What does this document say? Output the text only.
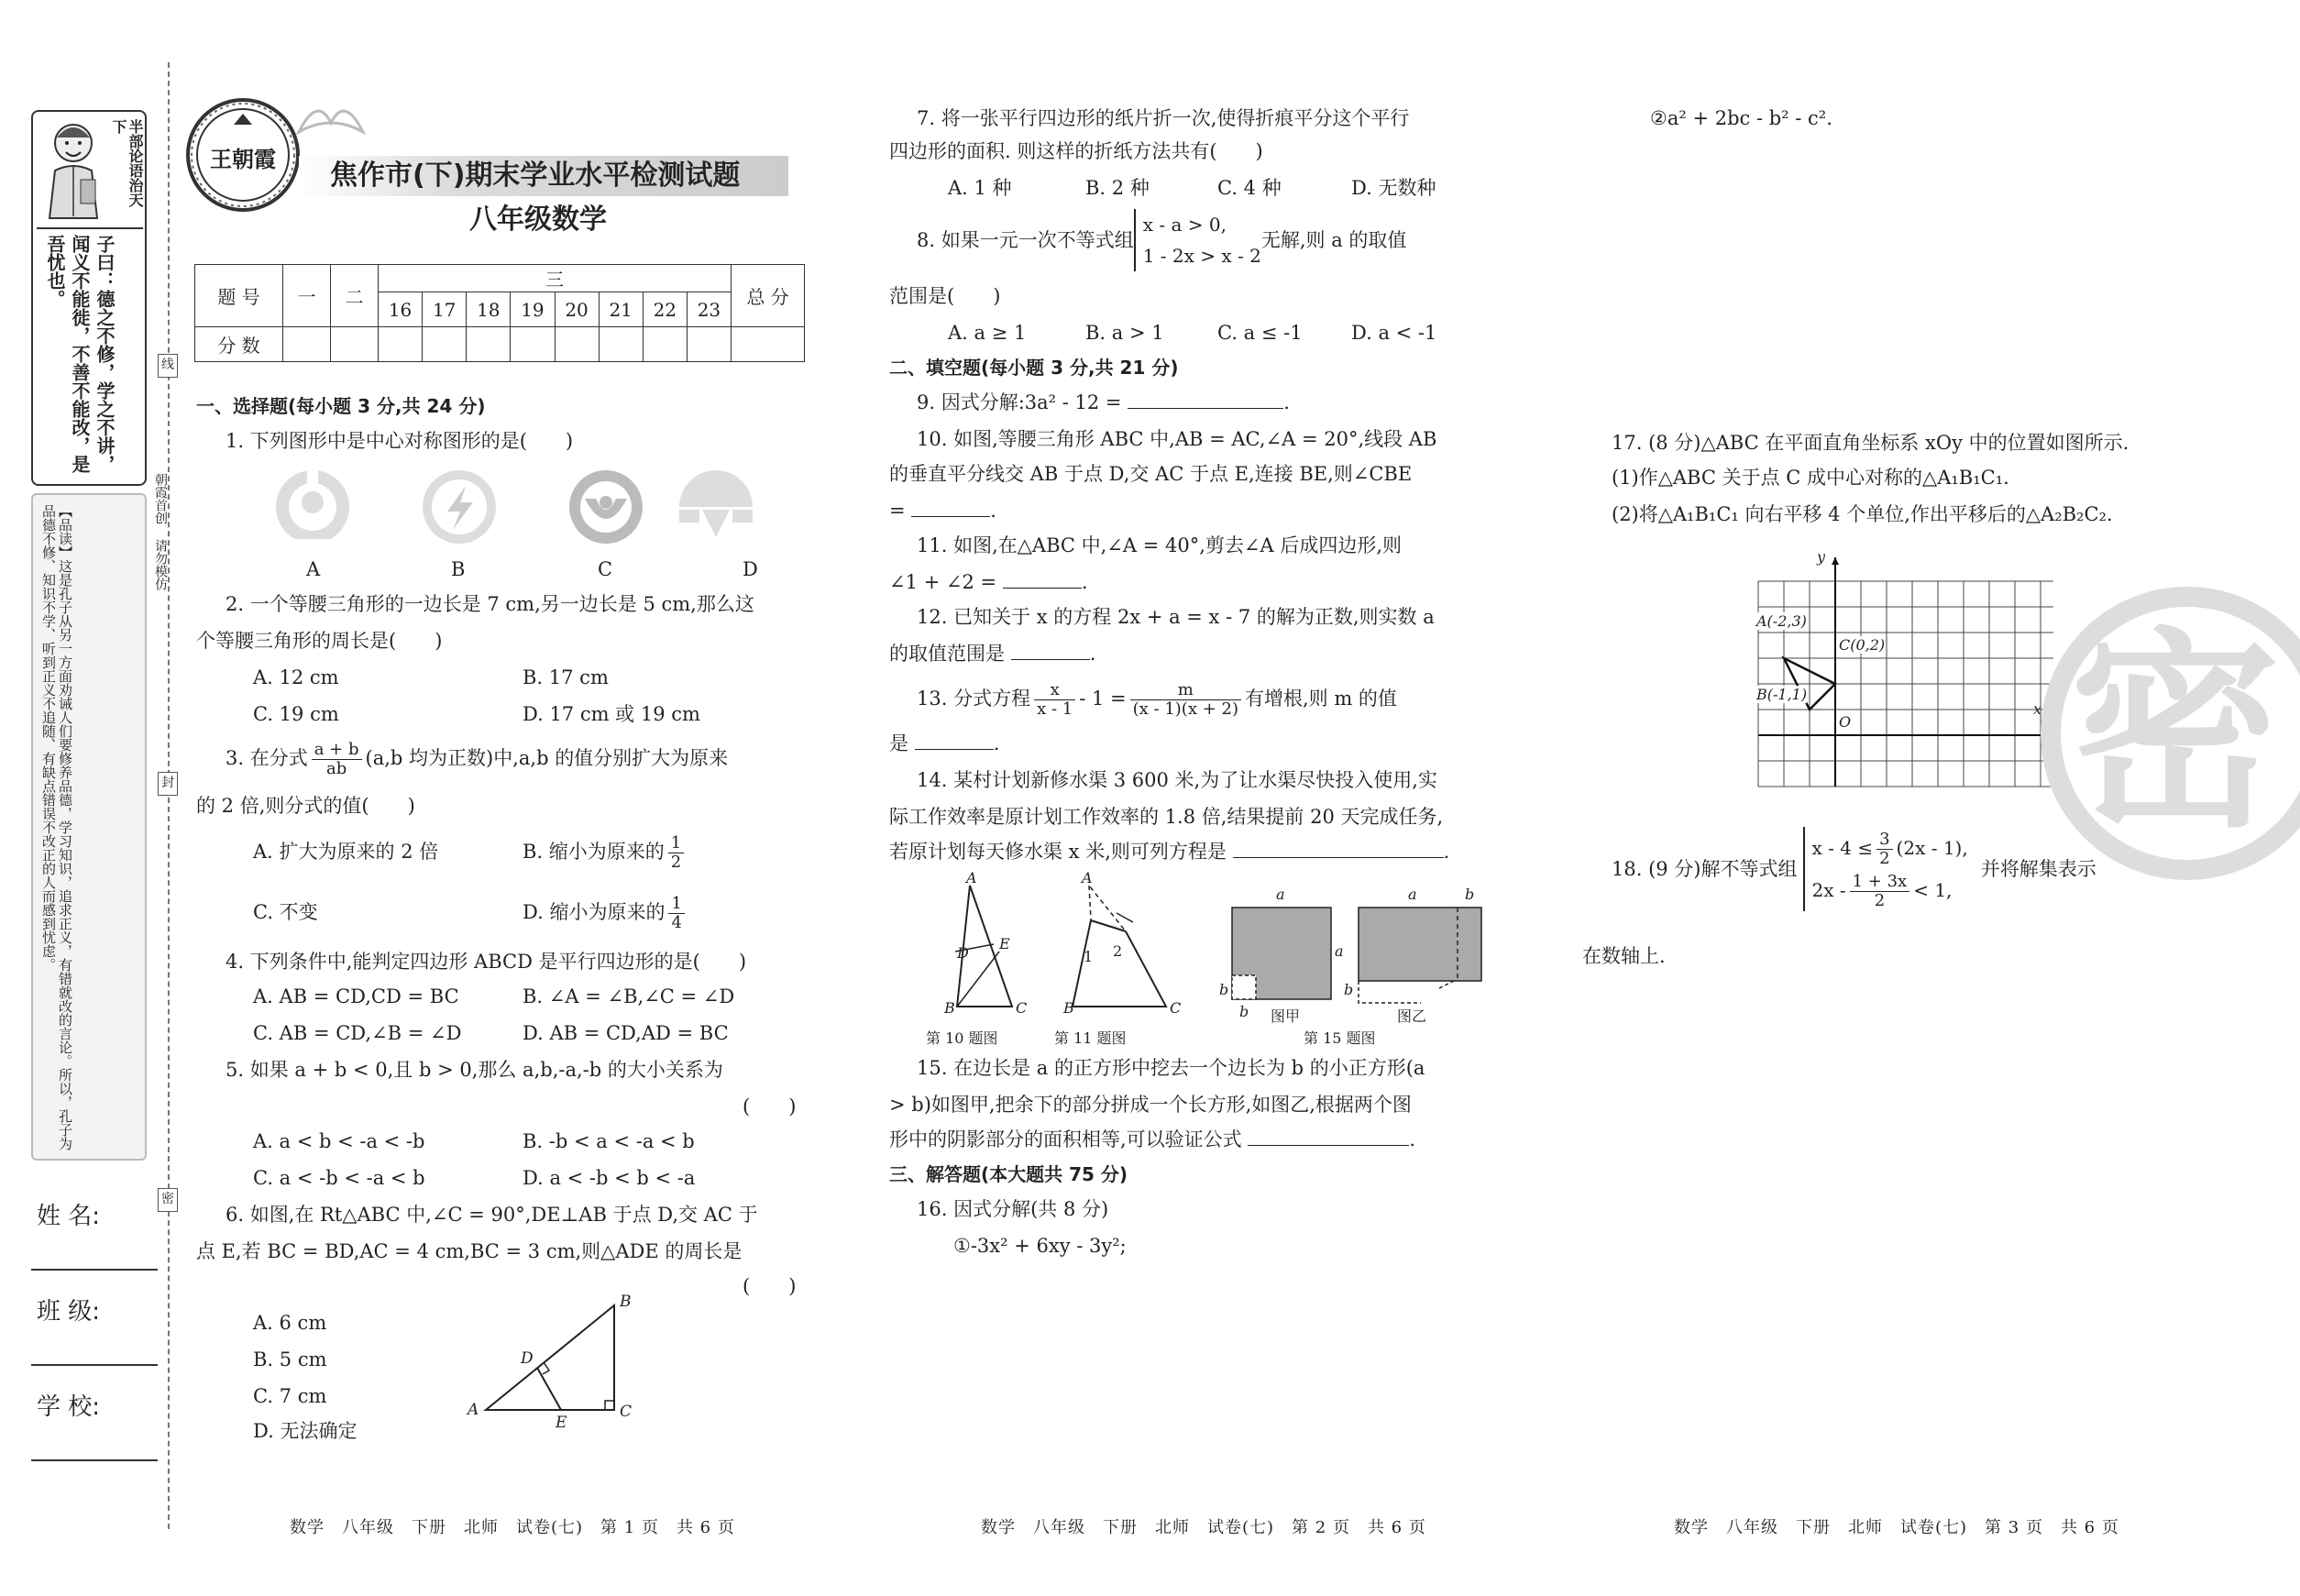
半部论语治天下
子曰：德之不修，学之不讲，闻义不能徙，不善不能改，是吾忧也。
【品读】这是孔子从另一方面劝诫人们要修养品德，学习知识，追求正义，有错就改的言论。所以，孔子为品德不修、知识不学、听到正义不追随、有缺点错误不改正的人而感到忧虑。
线
封
密
朝霞首创 请勿模仿
姓 名:
班 级:
学 校:
王朝霞
焦作市(下)期末学业水平检测试题
八年级数学
题 号	一	二	三								总 分
			16	17	18	19	20	21	22	23	
分 数											
一、选择题(每小题 3 分,共 24 分)
1. 下列图形中是中心对称图形的是(　　)
A	B	C	D
2. 一个等腰三角形的一边长是 7 cm,另一边长是 5 cm,那么这
个等腰三角形的周长是(　　)
A. 12 cm	B. 17 cm
C. 19 cm	D. 17 cm 或 19 cm
3. 在分式 $\frac{a + b}{ab} (a,b$ 均为正数)中,a,b 的值分别扩大为原来
的 2 倍,则分式的值(　　)
A. 扩大为原来的 2 倍	B. 缩小为原来的 $\frac{1}{2}$
C. 不变	D. 缩小为原来的 $\frac{1}{4}$
4. 下列条件中,能判定四边形 ABCD 是平行四边形的是(　　)
A. AB = CD,CD = BC	B. ∠A = ∠B,∠C = ∠D
C. AB = CD,∠B = ∠D	D. AB = CD,AD = BC
5. 如果 a + b < 0,且 b > 0,那么 a,b,-a,-b 的大小关系为
(　　)
A. a < b < -a < -b	B. -b < a < -a < b
C. a < -b < -a < b	D. a < -b < b < -a
6. 如图,在 Rt△ABC 中,∠C = 90°,DE⊥AB 于点 D,交 AC 于
点 E,若 BC = BD,AC = 4 cm,BC = 3 cm,则△ADE 的周长是
(　　)
A. 6 cm
B. 5 cm
C. 7 cm
D. 无法确定
A
B
C
D
E
7. 将一张平行四边形的纸片折一次,使得折痕平分这个平行
四边形的面积. 则这样的折纸方法共有(　　)
A. 1 种	B. 2 种	C. 4 种	D. 无数种
8. 如果一元一次不等式组x - a > 0,
1 - 2x > x - 2无解,则 a 的取值
范围是(　　)
A. a ≥ 1	B. a > 1	C. a ≤ -1	D. a < -1
二、填空题(每小题 3 分,共 21 分)
9. 因式分解:3a² - 12 =	.
10. 如图,等腰三角形 ABC 中,AB = AC,∠A = 20°,线段 AB
的垂直平分线交 AB 于点 D,交 AC 于点 E,连接 BE,则∠CBE
=	.
11. 如图,在△ABC 中,∠A = 40°,剪去∠A 后成四边形,则
∠1 + ∠2 =	.
12. 已知关于 x 的方程 2x + a = x - 7 的解为正数,则实数 a
的取值范围是	.
13. 分式方程 $\frac{x}{x - 1} - 1 = \frac{m}{(x - 1)(x + 2)}$ 有增根,则 m 的值
是	.
14. 某村计划新修水渠 3 600 米,为了让水渠尽快投入使用,实
际工作效率是原计划工作效率的 1.8 倍,结果提前 20 天完成任务,
若原计划每天修水渠 x 米,则可列方程是	.
A
D
E
B	C
第 10 题图
A
1 2
B	C
第 11 题图
a
a
b
b
a	b
b
图甲	图乙
第 15 题图
15. 在边长是 a 的正方形中挖去一个边长为 b 的小正方形(a
> b)如图甲,把余下的部分拼成一个长方形,如图乙,根据两个图
形中的阴影部分的面积相等,可以验证公式	.
三、解答题(本大题共 75 分)
16. 因式分解(共 8 分)
①-3x² + 6xy - 3y²;
②a² + 2bc - b² - c².
17. (8 分)△ABC 在平面直角坐标系 xOy 中的位置如图所示.
(1)作△ABC 关于点 C 成中心对称的△A₁B₁C₁.
(2)将△A₁B₁C₁ 向右平移 4 个单位,作出平移后的△A₂B₂C₂.
A(-2,3)
C(0,2)
B(-1,1)
O
x
y
18. (9 分)解不等式组$x - 4 \le \frac{3}{2} (2x - 1)$,
$2x - \frac{1 + 3x}{2} < 1$,并将解集表示
在数轴上.
密
数学　八年级　下册　北师　试卷(七)　第 1 页　共 6 页	数学　八年级　下册　北师　试卷(七)　第 2 页　共 6 页	数学　八年级　下册　北师　试卷(七)　第 3 页　共 6 页
